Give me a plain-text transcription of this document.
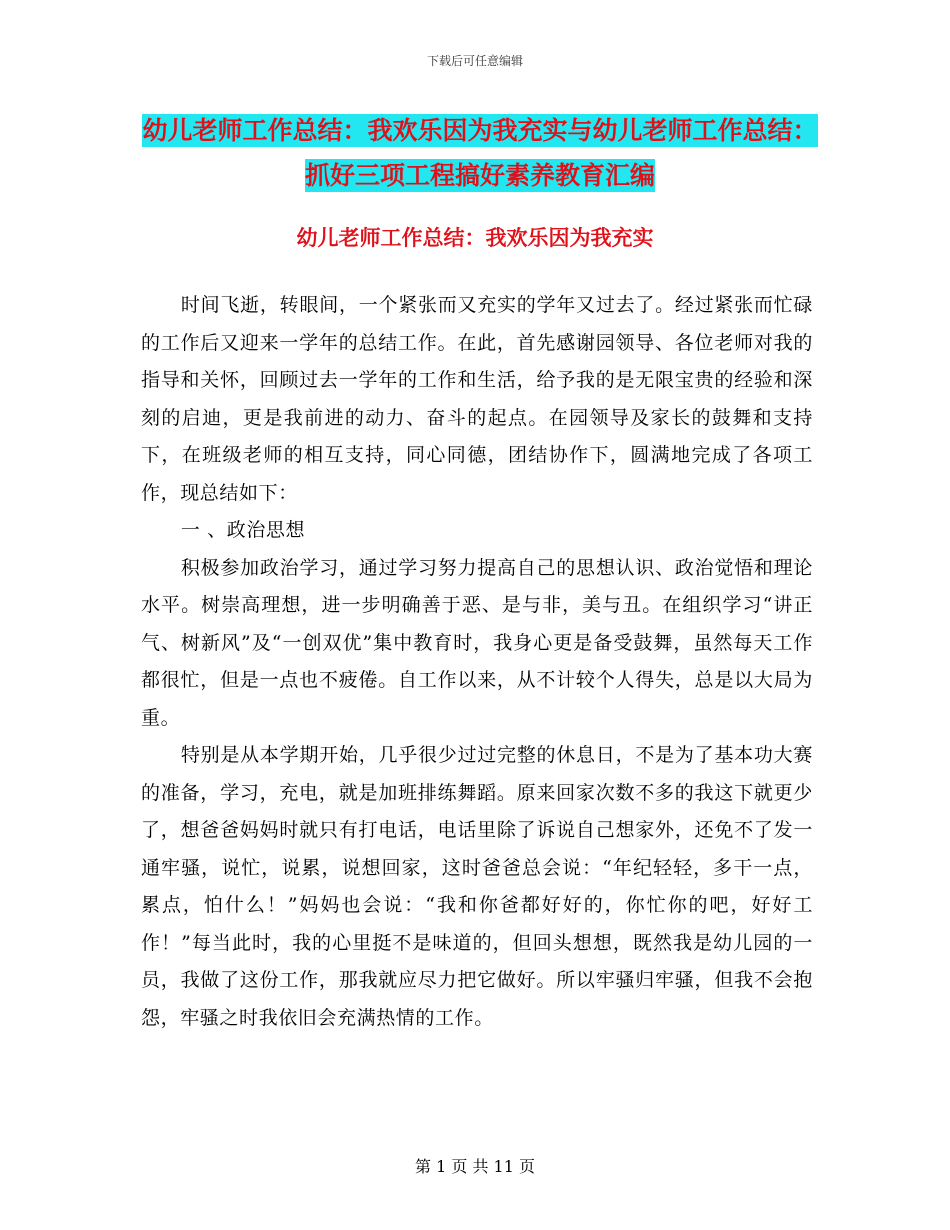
下载后可任意编辑
幼儿老师工作总结：我欢乐因为我充实与幼儿老师工作总结：抓好三项工程搞好素养教育汇编
幼儿老师工作总结：我欢乐因为我充实

时间飞逝，转眼间，一个紧张而又充实的学年又过去了。经过紧张而忙碌的工作后又迎来一学年的总结工作。在此，首先感谢园领导、各位老师对我的指导和关怀，回顾过去一学年的工作和生活，给予我的是无限宝贵的经验和深刻的启迪，更是我前进的动力、奋斗的起点。在园领导及家长的鼓舞和支持下，在班级老师的相互支持，同心同德，团结协作下，圆满地完成了各项工作，现总结如下：

一 、政治思想

积极参加政治学习，通过学习努力提高自己的思想认识、政治觉悟和理论水平。树崇高理想，进一步明确善于恶、是与非，美与丑。在组织学习“讲正气、树新风”及“一创双优”集中教育时，我身心更是备受鼓舞，虽然每天工作都很忙，但是一点也不疲倦。自工作以来，从不计较个人得失，总是以大局为重。

特别是从本学期开始，几乎很少过过完整的休息日，不是为了基本功大赛的准备，学习，充电，就是加班排练舞蹈。原来回家次数不多的我这下就更少了，想爸爸妈妈时就只有打电话，电话里除了诉说自己想家外，还免不了发一通牢骚，说忙，说累，说想回家，这时爸爸总会说：“年纪轻轻，多干一点，累点，怕什么！”妈妈也会说：“我和你爸都好好的，你忙你的吧，好好工作！”每当此时，我的心里挺不是味道的，但回头想想，既然我是幼儿园的一员，我做了这份工作，那我就应尽力把它做好。所以牢骚归牢骚，但我不会抱怨，牢骚之时我依旧会充满热情的工作。

第 1 页 共 11 页
